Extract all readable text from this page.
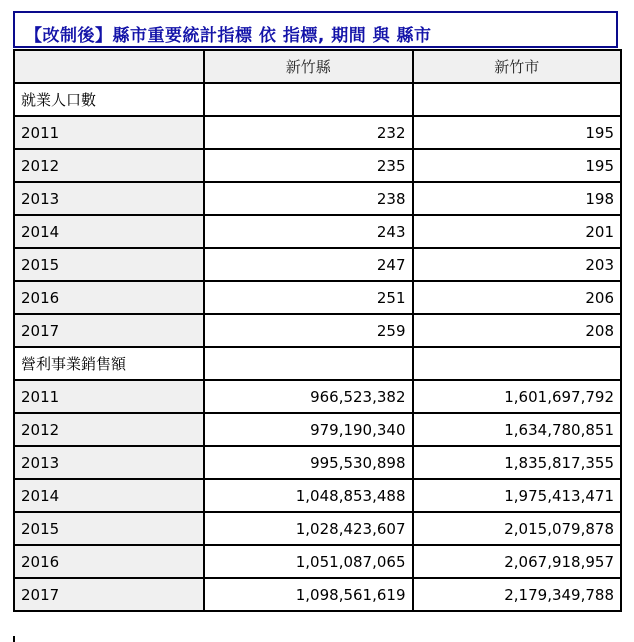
【改制後】縣市重要統計指標 依 指標, 期間 與 縣市
	新竹縣	新竹市
就業人口數		
2011	232	195
2012	235	195
2013	238	198
2014	243	201
2015	247	203
2016	251	206
2017	259	208
營利事業銷售額		
2011	966,523,382	1,601,697,792
2012	979,190,340	1,634,780,851
2013	995,530,898	1,835,817,355
2014	1,048,853,488	1,975,413,471
2015	1,028,423,607	2,015,079,878
2016	1,051,087,065	2,067,918,957
2017	1,098,561,619	2,179,349,788
